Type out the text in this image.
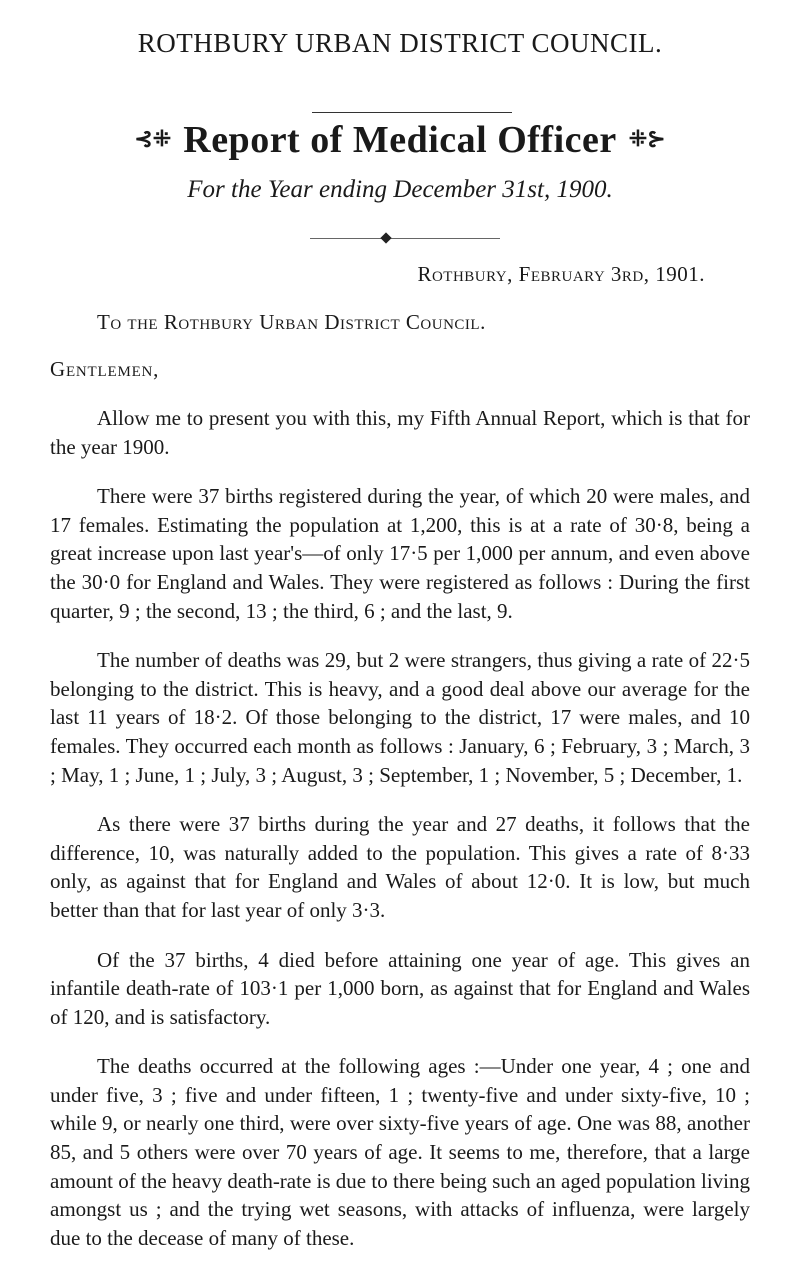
ROTHBURY URBAN DISTRICT COUNCIL.
⊰⁜ Report of Medical Officer ⁜⊱
For the Year ending December 31st, 1900.
Rothbury, February 3rd, 1901.
To the Rothbury Urban District Council.
Gentlemen,

Allow me to present you with this, my Fifth Annual Report, which is that for the year 1900.

There were 37 births registered during the year, of which 20 were males, and 17 females. Estimating the population at 1,200, this is at a rate of 30·8, being a great increase upon last year's—of only 17·5 per 1,000 per annum, and even above the 30·0 for England and Wales. They were registered as follows : During the first quarter, 9 ; the second, 13 ; the third, 6 ; and the last, 9.

The number of deaths was 29, but 2 were strangers, thus giving a rate of 22·5 belonging to the district. This is heavy, and a good deal above our average for the last 11 years of 18·2. Of those belonging to the district, 17 were males, and 10 females. They occurred each month as follows : January, 6 ; February, 3 ; March, 3 ; May, 1 ; June, 1 ; July, 3 ; August, 3 ; September, 1 ; November, 5 ; December, 1.

As there were 37 births during the year and 27 deaths, it follows that the difference, 10, was naturally added to the population. This gives a rate of 8·33 only, as against that for England and Wales of about 12·0. It is low, but much better than that for last year of only 3·3.

Of the 37 births, 4 died before attaining one year of age. This gives an infantile death-rate of 103·1 per 1,000 born, as against that for England and Wales of 120, and is satisfactory.

The deaths occurred at the following ages :—Under one year, 4 ; one and under five, 3 ; five and under fifteen, 1 ; twenty-five and under sixty-five, 10 ; while 9, or nearly one third, were over sixty-five years of age. One was 88, another 85, and 5 others were over 70 years of age. It seems to me, therefore, that a large amount of the heavy death-rate is due to there being such an aged population living amongst us ; and the trying wet seasons, with attacks of influenza, were largely due to the decease of many of these.
